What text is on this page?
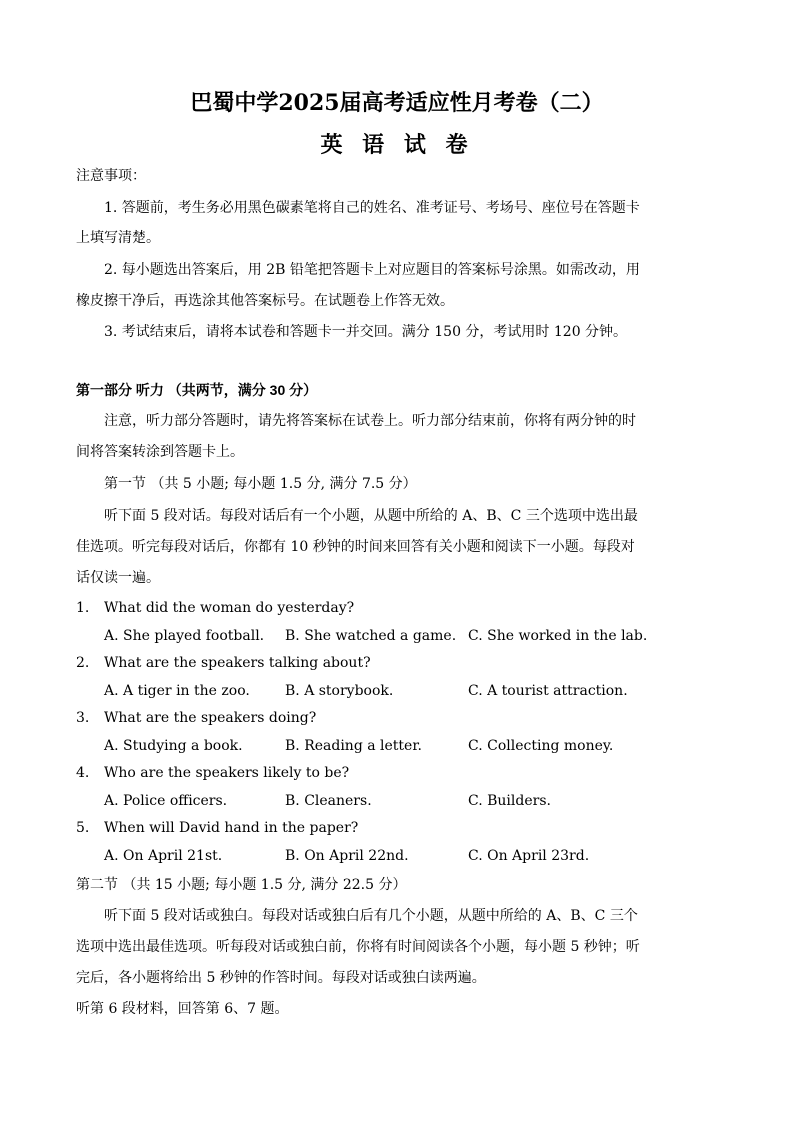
巴蜀中学2025届高考适应性月考卷（二）
英 语 试 卷
注意事项：
1. 答题前，考生务必用黑色碳素笔将自己的姓名、准考证号、考场号、座位号在答题卡
上填写清楚。
2. 每小题选出答案后，用 2B 铅笔把答题卡上对应题目的答案标号涂黑。如需改动，用
橡皮擦干净后，再选涂其他答案标号。在试题卷上作答无效。
3. 考试结束后，请将本试卷和答题卡一并交回。满分 150 分，考试用时 120 分钟。
第一部分 听力 （共两节，满分 30 分）
注意，听力部分答题时，请先将答案标在试卷上。听力部分结束前，你将有两分钟的时
间将答案转涂到答题卡上。
第一节 （共 5 小题; 每小题 1.5 分, 满分 7.5 分）
听下面 5 段对话。每段对话后有一个小题，从题中所给的 A、B、C 三个选项中选出最
佳选项。听完每段对话后，你都有 10 秒钟的时间来回答有关小题和阅读下一小题。每段对
话仅读一遍。
1. What did the woman do yesterday?
A. She played football. B. She watched a game. C. She worked in the lab.
2. What are the speakers talking about?
A. A tiger in the zoo.	B. A storybook.	C. A tourist attraction.
3. What are the speakers doing?
A. Studying a book.	B. Reading a letter.	C. Collecting money.
4. Who are the speakers likely to be?
A. Police officers.	B. Cleaners.	C. Builders.
5. When will David hand in the paper?
A. On April 21st.	B. On April 22nd.	C. On April 23rd.
第二节 （共 15 小题; 每小题 1.5 分, 满分 22.5 分）
听下面 5 段对话或独白。每段对话或独白后有几个小题，从题中所给的 A、B、C 三个
选项中选出最佳选项。听每段对话或独白前，你将有时间阅读各个小题，每小题 5 秒钟；听
完后，各小题将给出 5 秒钟的作答时间。每段对话或独白读两遍。
听第 6 段材料，回答第 6、7 题。
